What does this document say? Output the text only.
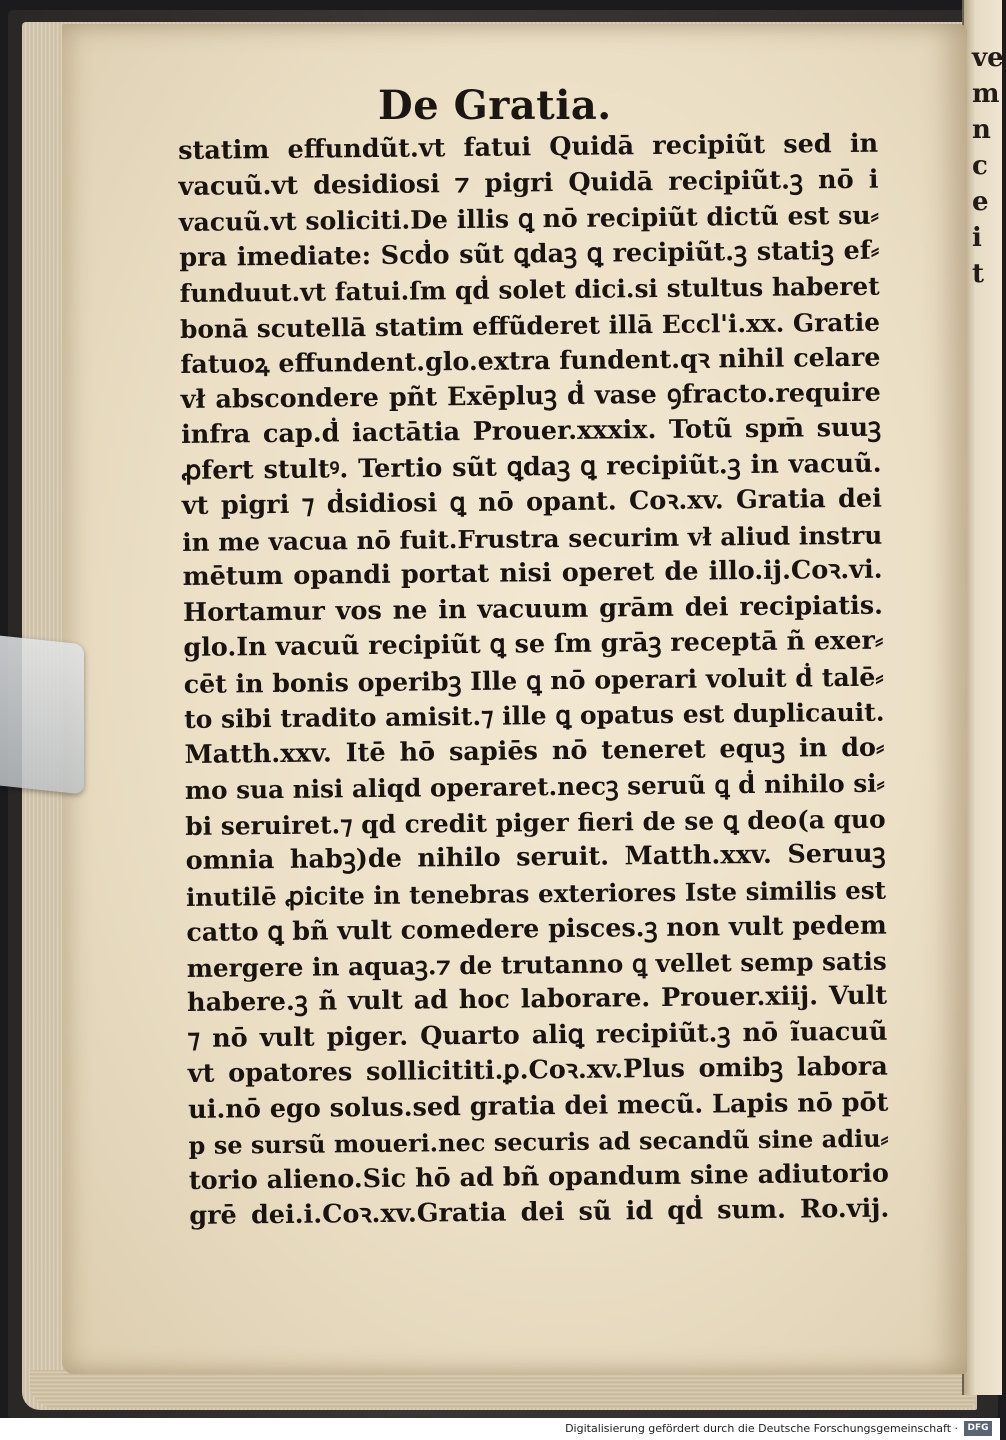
ve
m
n
c
e
i
t
De Gratia.
statim effundũt.vt fatui Quidā recipiũt sed in
vacuũ.vt desidiosi ⁊ pigri Quidā recipiũt.ꝫ nō i
vacuũ.vt soliciti.De illis ꝗ nō recipiũt dictũ est su⸗
pra imediate: Scḋo sũt ꝗdaꝫ ꝗ recipiũt.ꝫ statiꝫ ef⸗
funduut.vt fatui.ſm qḋ solet dici.si stultus haberet
bonā scutellā statim effũderet illā Eccl'i.xx. Gratie
fatuoꝝ effundent.glo.extra fundent.qꝛ nihil celare
vł abscondere pñt Exēpluꝫ ḋ vase ꝯfracto.require
infra cap.ḋ iactātia Prouer.xxxix. Totũ spm̄ suuꝫ
ꝓfert stultꝰ. Tertio sũt ꝗdaꝫ ꝗ recipiũt.ꝫ in vacuũ.
vt pigri ⁊ ḋsidiosi ꝗ nō opant. Coꝛ.xv. Gratia dei
in me vacua nō fuit.Frustra securim vł aliud instru
mētum opandi portat nisi operet de illo.ij.Coꝛ.vi.
Hortamur vos ne in vacuum grām dei recipiatis.
glo.In vacuũ recipiũt ꝗ se ſm grāꝫ receptā ñ exer⸗
cēt in bonis operibꝫ Ille ꝗ nō operari voluit ḋ talē⸗
to sibi tradito amisit.⁊ ille ꝗ opatus est duplicauit.
Matth.xxv. Itē hō sapiēs nō teneret equꝫ in do⸗
mo sua nisi aliqd operaret.necꝫ seruũ ꝗ ḋ nihilo si⸗
bi seruiret.⁊ qd credit piger fieri de se ꝗ deo(a quo
omnia habꝫ)de nihilo seruit. Matth.xxv. Seruuꝫ
inutilē ꝓicite in tenebras exteriores Iste similis est
catto ꝗ bñ vult comedere pisces.ꝫ non vult pedem
mergere in aquaꝫ.⁊ de trutanno ꝗ vellet semp satis
habere.ꝫ ñ vult ad hoc laborare. Prouer.xiij. Vult
⁊ nō vult piger. Quarto aliꝗ recipiũt.ꝫ nō ĩuacuũ
vt opatores sollicititi.ꝑ.Coꝛ.xv.Plus omibꝫ labora
ui.nō ego solus.sed gratia dei mecũ. Lapis nō pōt
p se sursũ moueri.nec securis ad secandũ sine adiu⸗
torio alieno.Sic hō ad bñ opandum sine adiutorio
grē dei.i.Coꝛ.xv.Gratia dei sũ id qḋ sum. Ro.vij.
Digitalisierung gefördert durch die Deutsche Forschungsgemeinschaft ·	DFG
